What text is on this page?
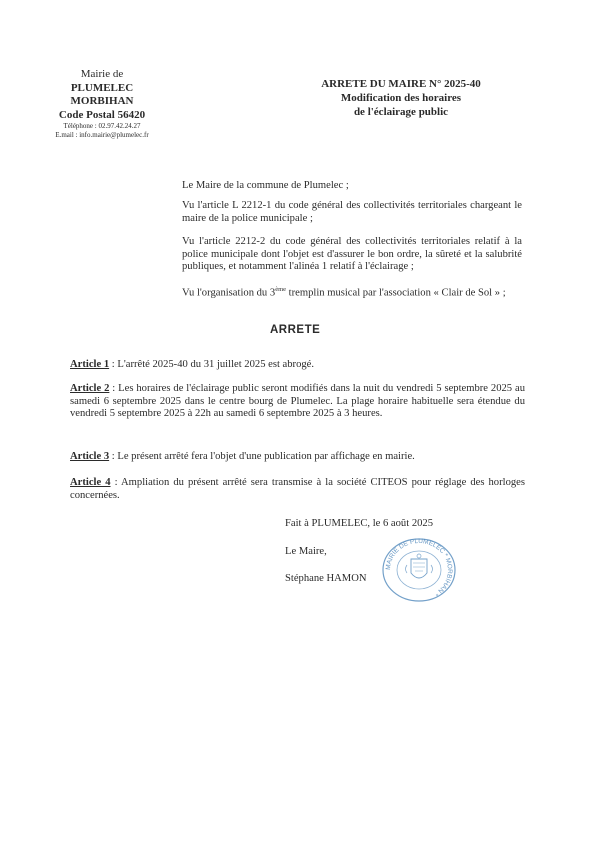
Mairie de
PLUMELEC
MORBIHAN
Code Postal 56420
Téléphone : 02.97.42.24.27
E.mail : info.mairie@plumelec.fr
ARRETE DU MAIRE N° 2025-40
Modification des horaires
de l'éclairage public
Le Maire de la commune de Plumelec ;
Vu l'article L 2212-1 du code général des collectivités territoriales chargeant le maire de la police municipale ;
Vu l'article 2212-2 du code général des collectivités territoriales relatif à la police municipale dont l'objet est d'assurer le bon ordre, la sûreté et la salubrité publiques, et notamment l'alinéa 1 relatif à l'éclairage ;
Vu l'organisation du 3ème tremplin musical par l'association « Clair de Sol » ;
ARRETE
Article 1 : L'arrêté 2025-40 du 31 juillet 2025 est abrogé.
Article 2 : Les horaires de l'éclairage public seront modifiés dans la nuit du vendredi 5 septembre 2025 au samedi 6 septembre 2025 dans le centre bourg de Plumelec. La plage horaire habituelle sera étendue du vendredi 5 septembre 2025 à 22h au samedi 6 septembre 2025 à 3 heures.
Article 3 : Le présent arrêté fera l'objet d'une publication par affichage en mairie.
Article 4 : Ampliation du présent arrêté sera transmise à la société CITEOS pour réglage des horloges concernées.
Fait à PLUMELEC, le 6 août 2025
Le Maire,
Stéphane HAMON
MAIRIE DE PLUMELEC * MORBIHAN *
